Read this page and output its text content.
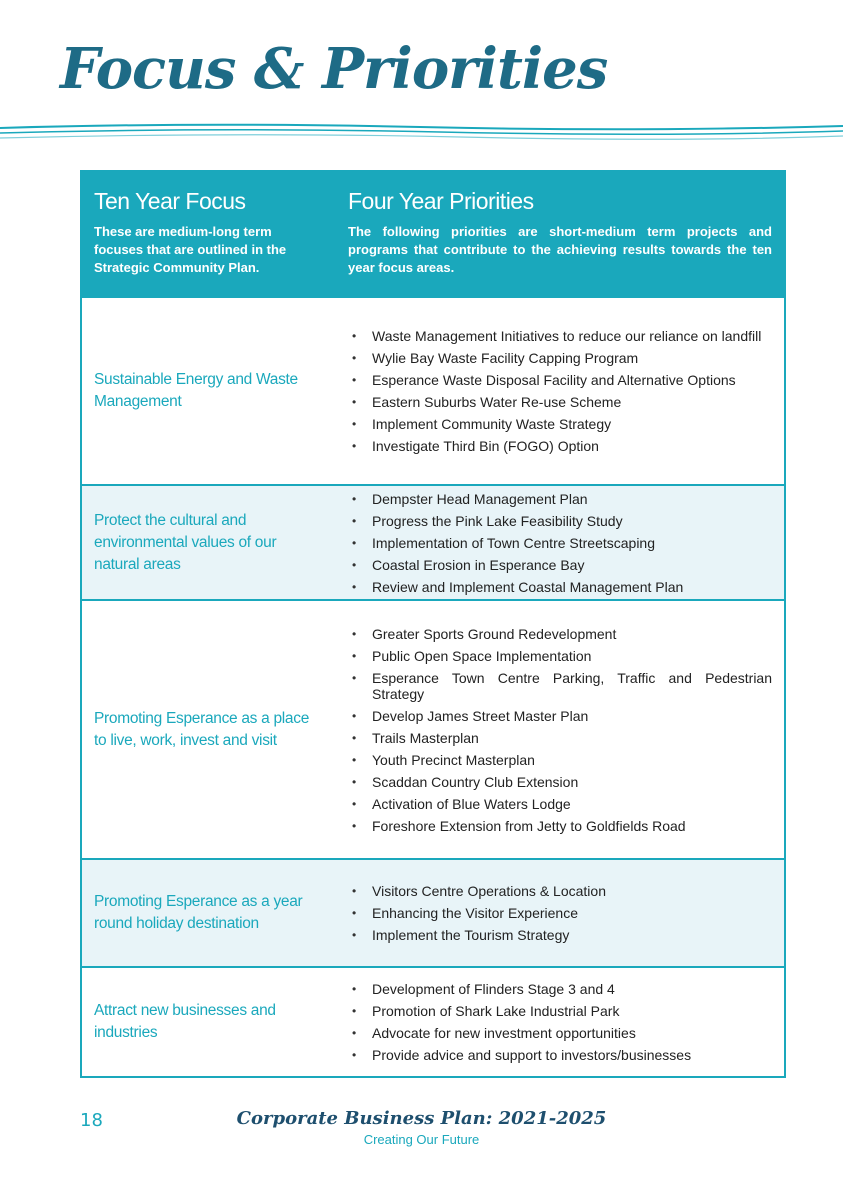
Focus & Priorities
Ten Year Focus
These are medium-long term focuses that are outlined in the Strategic Community Plan.
Four Year Priorities
The following priorities are short-medium term projects and programs that contribute to the achieving results towards the ten year focus areas.
Sustainable Energy and Waste Management
• Waste Management Initiatives to reduce our reliance on landfill
• Wylie Bay Waste Facility Capping Program
• Esperance Waste Disposal Facility and Alternative Options
• Eastern Suburbs Water Re-use Scheme
• Implement Community Waste Strategy
• Investigate Third Bin (FOGO) Option
Protect the cultural and environmental values of our natural areas
• Dempster Head Management Plan
• Progress the Pink Lake Feasibility Study
• Implementation of Town Centre Streetscaping
• Coastal Erosion in Esperance Bay
• Review and Implement Coastal Management Plan
Promoting Esperance as a place to live, work, invest and visit
• Greater Sports Ground Redevelopment
• Public Open Space Implementation
• Esperance Town Centre Parking, Traffic and Pedestrian Strategy
• Develop James Street Master Plan
• Trails Masterplan
• Youth Precinct Masterplan
• Scaddan Country Club Extension
• Activation of Blue Waters Lodge
• Foreshore Extension from Jetty to Goldfields Road
Promoting Esperance as a year round holiday destination
• Visitors Centre Operations & Location
• Enhancing the Visitor Experience
• Implement the Tourism Strategy
Attract new businesses and industries
• Development of Flinders Stage 3 and 4
• Promotion of Shark Lake Industrial Park
• Advocate for new investment opportunities
• Provide advice and support to investors/businesses
18	Corporate Business Plan: 2021-2025
Creating Our Future
